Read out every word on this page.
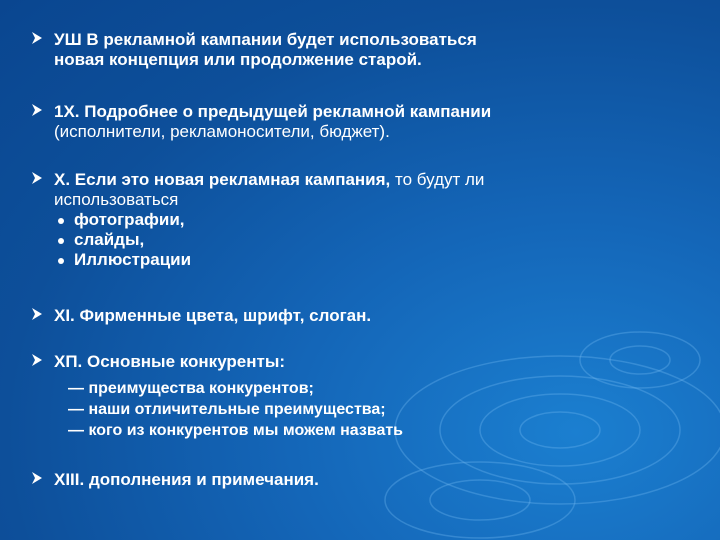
УШ В рекламной кампании будет использоваться
новая концепция или продолжение старой.
1Х. Подробнее о предыдущей рекламной кампании
(исполнители, рекламоносители, бюджет).
Х. Если это новая рекламная кампания, то будут ли
использоваться
фотографии,
слайды,
Иллюстрации
XI. Фирменные цвета, шрифт, слоган.
ХП. Основные конкуренты:
— преимущества конкурентов;
— наши отличительные преимущества;
— кого из конкурентов мы можем назвать
XIII. дополнения и примечания.
